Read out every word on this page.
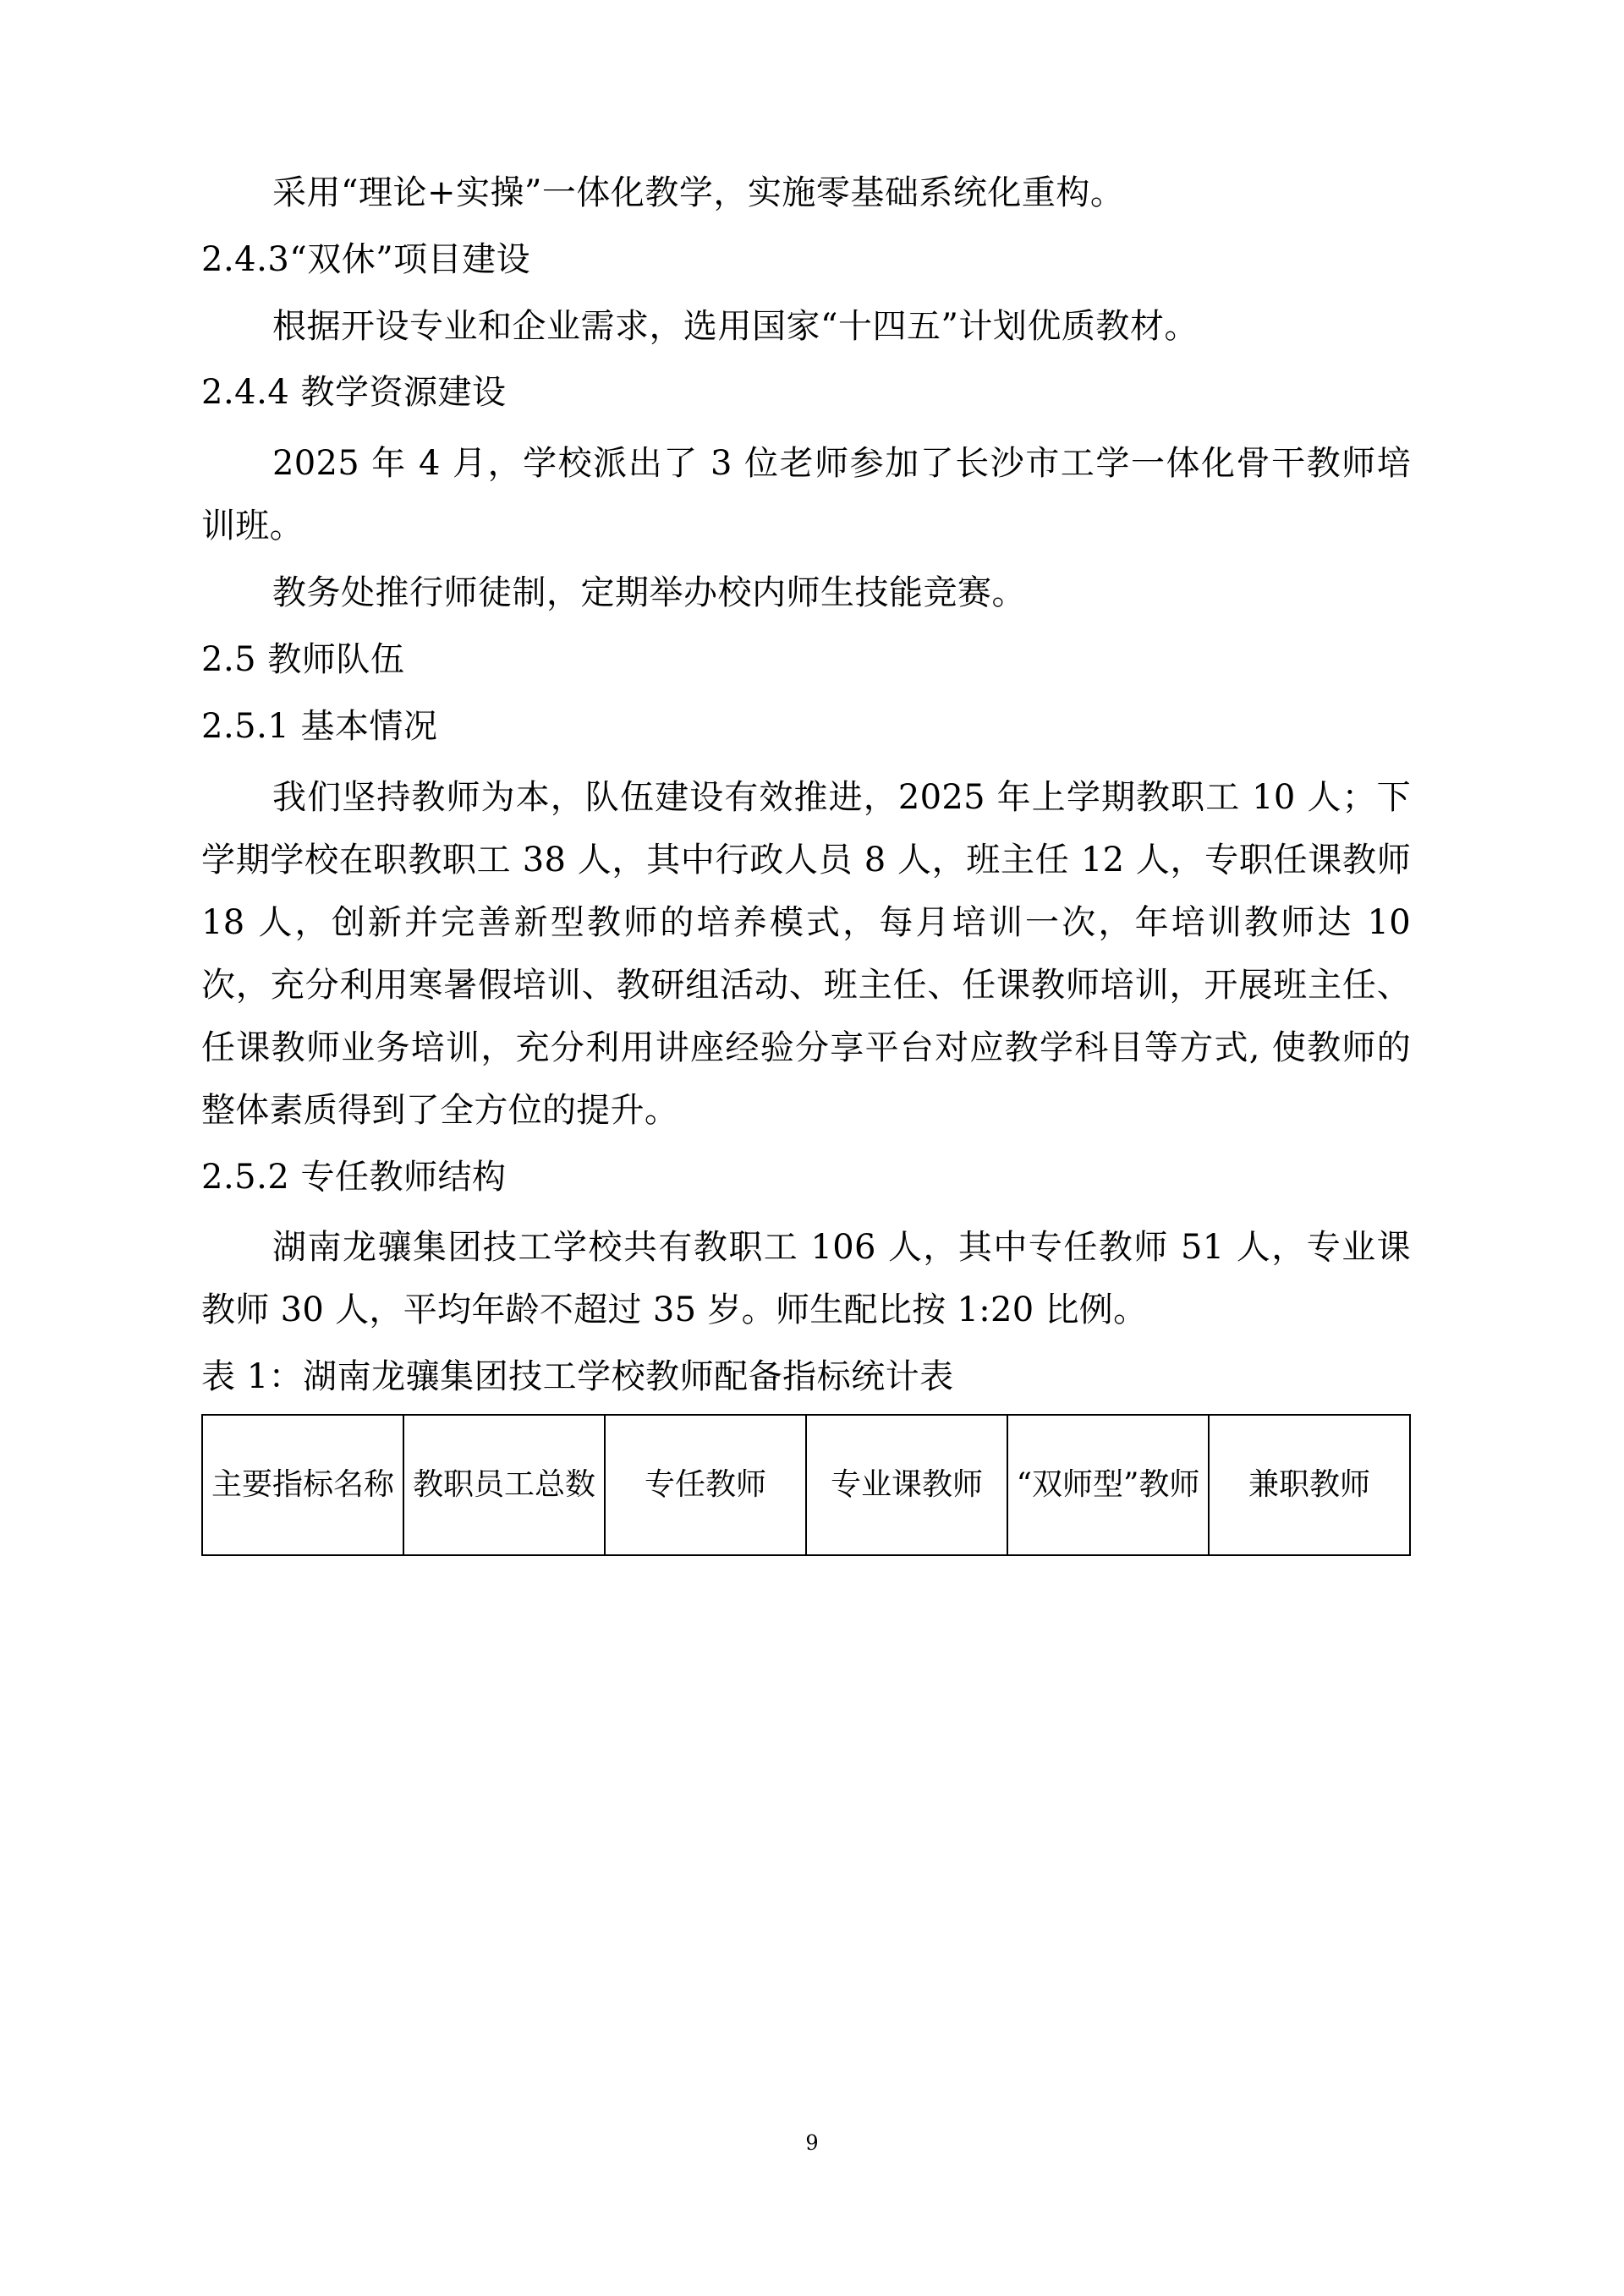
采用“理论+实操”一体化教学，实施零基础系统化重构。

2.4.3“双休”项目建设

根据开设专业和企业需求，选用国家“十四五”计划优质教材。

2.4.4 教学资源建设

2025 年 4 月，学校派出了 3 位老师参加了长沙市工学一体化骨干教师培训班。

教务处推行师徒制，定期举办校内师生技能竞赛。

2.5 教师队伍

2.5.1 基本情况

我们坚持教师为本，队伍建设有效推进，2025 年上学期教职工 10 人；下学期学校在职教职工 38 人，其中行政人员 8 人，班主任 12 人，专职任课教师 18 人，创新并完善新型教师的培养模式，每月培训一次，年培训教师达 10 次，充分利用寒暑假培训、教研组活动、班主任、任课教师培训，开展班主任、任课教师业务培训，充分利用讲座经验分享平台对应教学科目等方式, 使教师的整体素质得到了全方位的提升。

2.5.2 专任教师结构

湖南龙骧集团技工学校共有教职工 106 人，其中专任教师 51 人，专业课教师 30 人，平均年龄不超过 35 岁。师生配比按 1:20 比例。

表 1：湖南龙骧集团技工学校教师配备指标统计表

主要指标名称	教职员工总数	专任教师	专业课教师	“双师型”教师	兼职教师
9
